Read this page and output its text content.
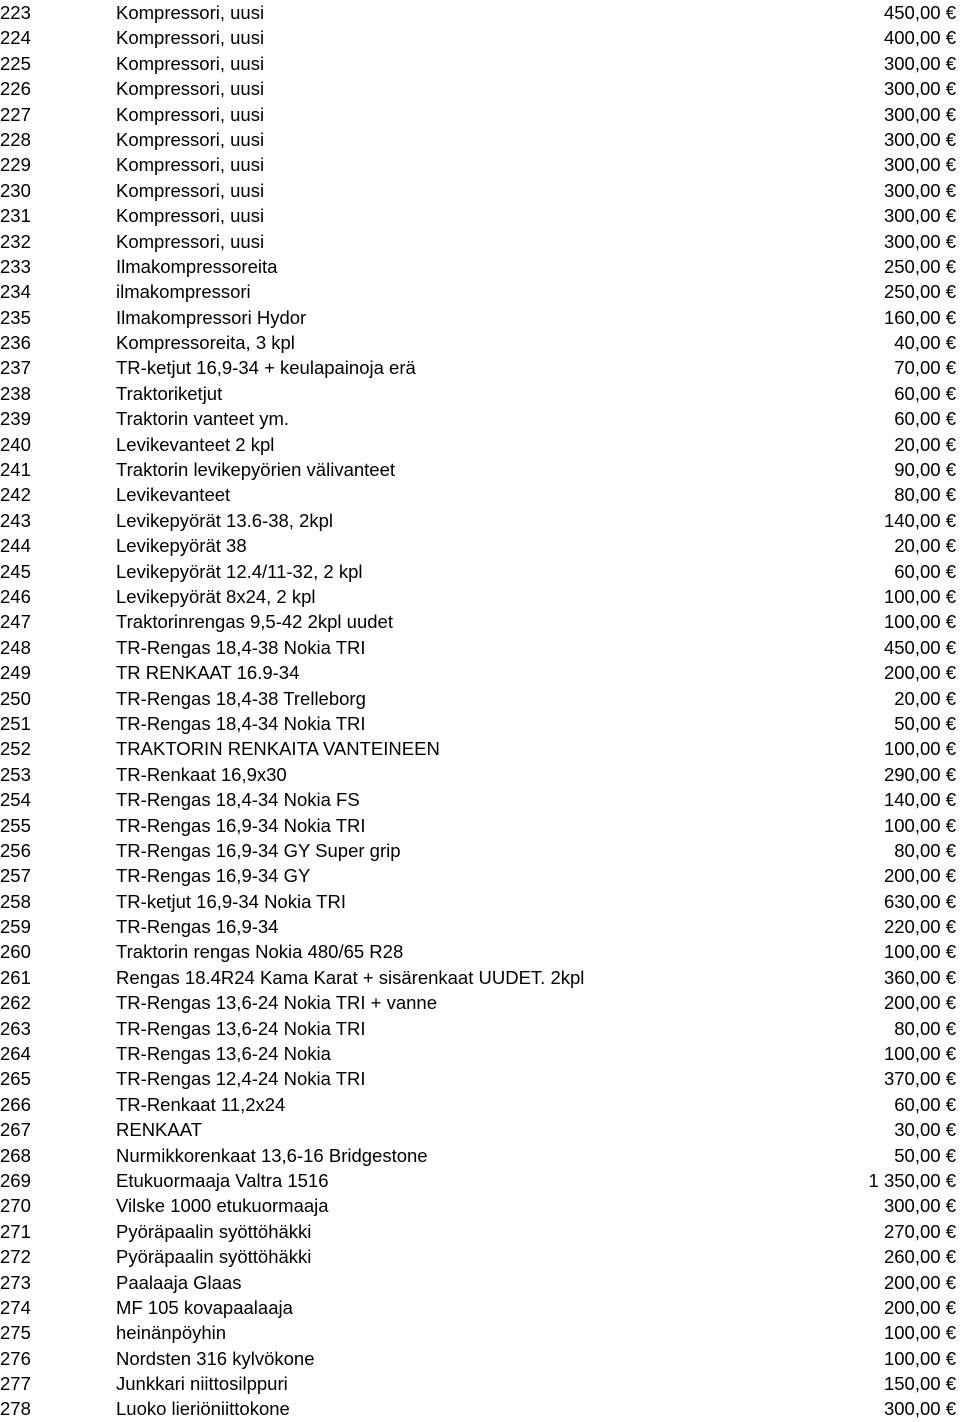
223	Kompressori, uusi	450,00 €
224	Kompressori, uusi	400,00 €
225	Kompressori, uusi	300,00 €
226	Kompressori, uusi	300,00 €
227	Kompressori, uusi	300,00 €
228	Kompressori, uusi	300,00 €
229	Kompressori, uusi	300,00 €
230	Kompressori, uusi	300,00 €
231	Kompressori, uusi	300,00 €
232	Kompressori, uusi	300,00 €
233	Ilmakompressoreita	250,00 €
234	ilmakompressori	250,00 €
235	Ilmakompressori Hydor	160,00 €
236	Kompressoreita, 3 kpl	40,00 €
237	TR-ketjut 16,9-34 + keulapainoja erä	70,00 €
238	Traktoriketjut	60,00 €
239	Traktorin vanteet ym.	60,00 €
240	Levikevanteet 2 kpl	20,00 €
241	Traktorin levikepyörien välivanteet	90,00 €
242	Levikevanteet	80,00 €
243	Levikepyörät 13.6-38, 2kpl	140,00 €
244	Levikepyörät 38	20,00 €
245	Levikepyörät 12.4/11-32, 2 kpl	60,00 €
246	Levikepyörät 8x24, 2 kpl	100,00 €
247	Traktorinrengas 9,5-42 2kpl uudet	100,00 €
248	TR-Rengas 18,4-38 Nokia TRI	450,00 €
249	TR RENKAAT 16.9-34	200,00 €
250	TR-Rengas 18,4-38 Trelleborg	20,00 €
251	TR-Rengas 18,4-34 Nokia TRI	50,00 €
252	TRAKTORIN RENKAITA VANTEINEEN	100,00 €
253	TR-Renkaat 16,9x30	290,00 €
254	TR-Rengas 18,4-34 Nokia FS	140,00 €
255	TR-Rengas 16,9-34 Nokia TRI	100,00 €
256	TR-Rengas 16,9-34 GY Super grip	80,00 €
257	TR-Rengas 16,9-34 GY	200,00 €
258	TR-ketjut 16,9-34 Nokia TRI	630,00 €
259	TR-Rengas 16,9-34	220,00 €
260	Traktorin rengas Nokia 480/65 R28	100,00 €
261	Rengas 18.4R24 Kama Karat + sisärenkaat UUDET. 2kpl	360,00 €
262	TR-Rengas 13,6-24 Nokia TRI + vanne	200,00 €
263	TR-Rengas 13,6-24 Nokia TRI	80,00 €
264	TR-Rengas 13,6-24 Nokia	100,00 €
265	TR-Rengas 12,4-24 Nokia TRI	370,00 €
266	TR-Renkaat 11,2x24	60,00 €
267	RENKAAT	30,00 €
268	Nurmikkorenkaat 13,6-16 Bridgestone	50,00 €
269	Etukuormaaja Valtra 1516	1 350,00 €
270	Vilske 1000 etukuormaaja	300,00 €
271	Pyöräpaalin syöttöhäkki	270,00 €
272	Pyöräpaalin syöttöhäkki	260,00 €
273	Paalaaja Glaas	200,00 €
274	MF 105 kovapaalaaja	200,00 €
275	heinänpöyhin	100,00 €
276	Nordsten 316 kylvökone	100,00 €
277	Junkkari niittosilppuri	150,00 €
278	Luoko lieriöniittokone	300,00 €
